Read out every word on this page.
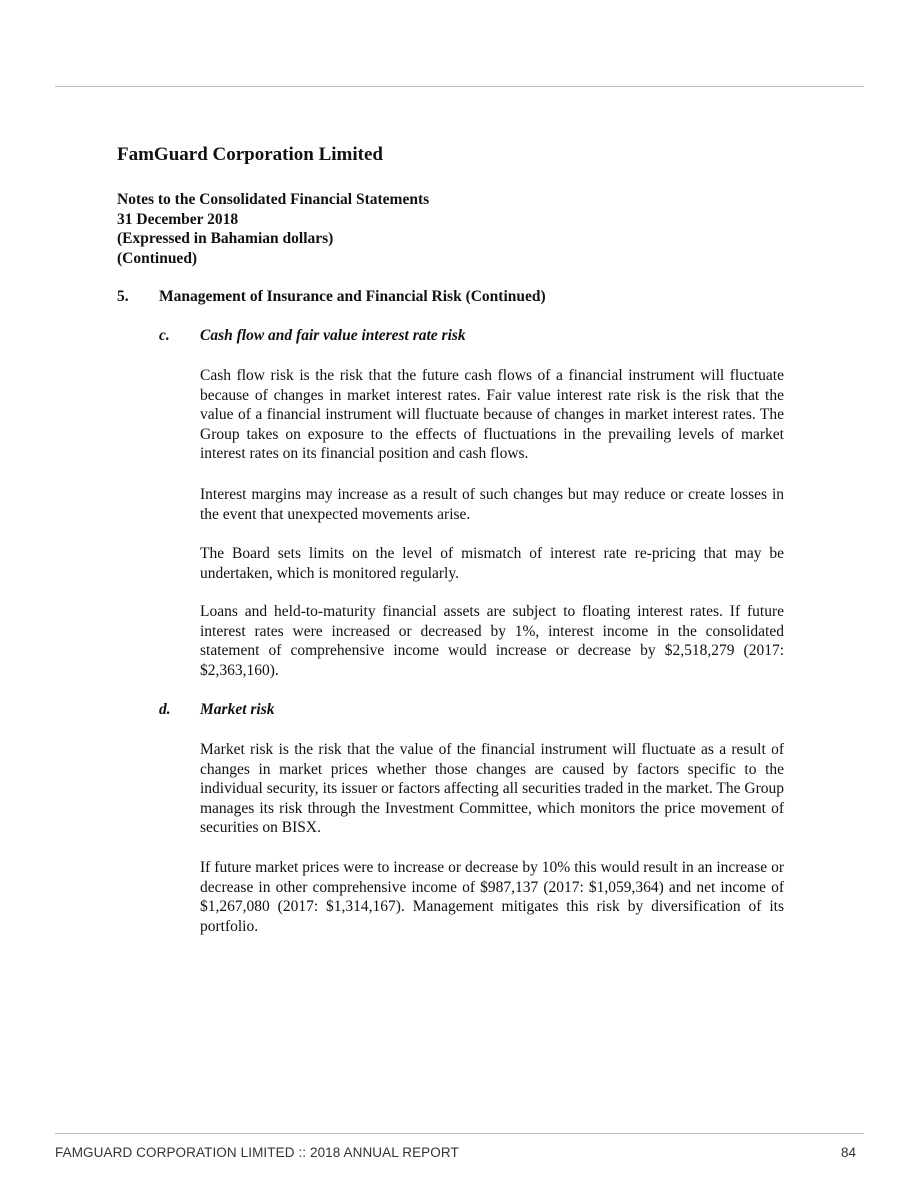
FamGuard Corporation Limited
Notes to the Consolidated Financial Statements
31 December 2018
(Expressed in Bahamian dollars)
(Continued)
5. Management of Insurance and Financial Risk (Continued)
c. Cash flow and fair value interest rate risk

Cash flow risk is the risk that the future cash flows of a financial instrument will fluctuate because of changes in market interest rates. Fair value interest rate risk is the risk that the value of a financial instrument will fluctuate because of changes in market interest rates. The Group takes on exposure to the effects of fluctuations in the prevailing levels of market interest rates on its financial position and cash flows.

Interest margins may increase as a result of such changes but may reduce or create losses in the event that unexpected movements arise.

The Board sets limits on the level of mismatch of interest rate re-pricing that may be undertaken, which is monitored regularly.

Loans and held-to-maturity financial assets are subject to floating interest rates. If future interest rates were increased or decreased by 1%, interest income in the consolidated statement of comprehensive income would increase or decrease by $2,518,279 (2017: $2,363,160).

d. Market risk

Market risk is the risk that the value of the financial instrument will fluctuate as a result of changes in market prices whether those changes are caused by factors specific to the individual security, its issuer or factors affecting all securities traded in the market. The Group manages its risk through the Investment Committee, which monitors the price movement of securities on BISX.

If future market prices were to increase or decrease by 10% this would result in an increase or decrease in other comprehensive income of $987,137 (2017: $1,059,364) and net income of $1,267,080 (2017: $1,314,167). Management mitigates this risk by diversification of its portfolio.

FAMGUARD CORPORATION LIMITED :: 2018 ANNUAL REPORT	84
